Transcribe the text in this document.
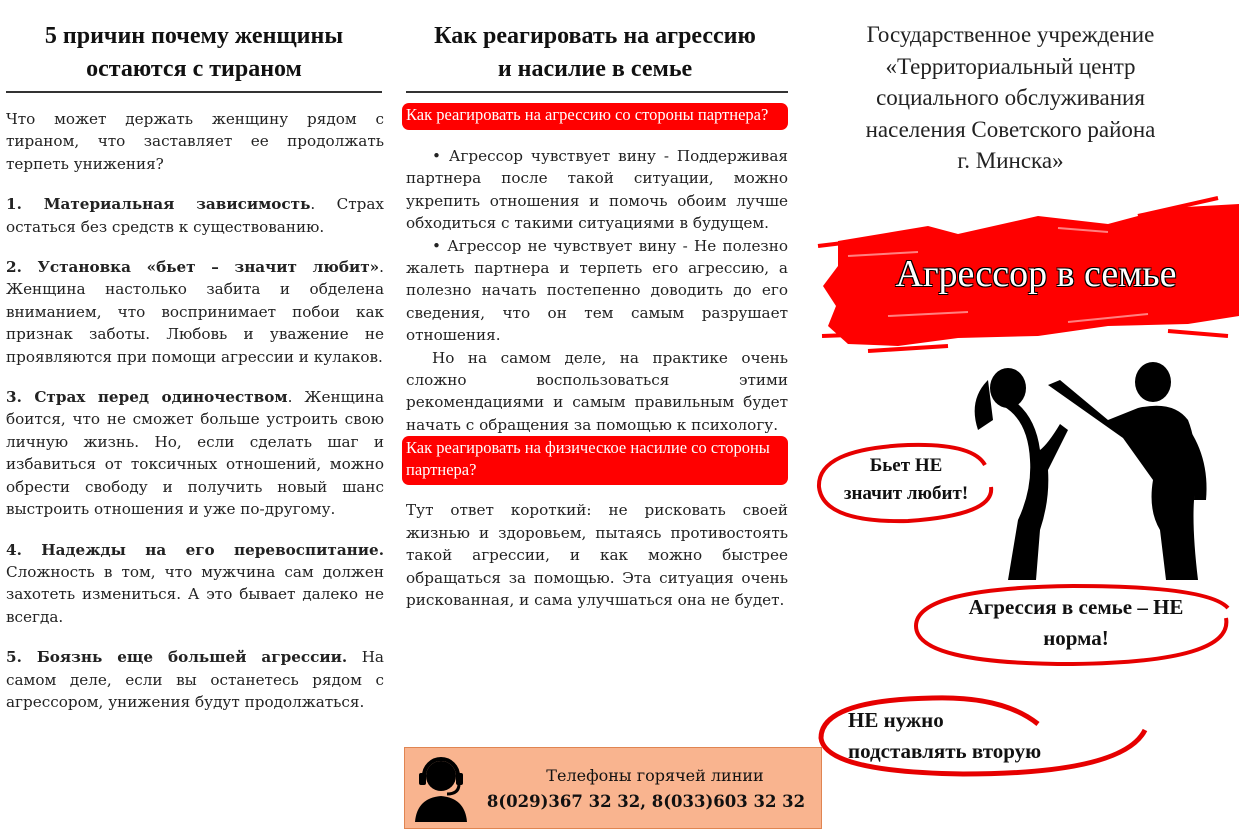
5 причин почему женщины
остаются с тираном

Что может держать женщину рядом с тираном, что заставляет ее продолжать терпеть унижения?

1. Материальная зависимость. Страх остаться без средств к существованию.

2. Установка «бьет – значит любит». Женщина настолько забита и обделена вниманием, что воспринимает побои как признак заботы. Любовь и уважение не проявляются при помощи агрессии и кулаков.

3. Страх перед одиночеством. Женщина боится, что не сможет больше устроить свою личную жизнь. Но, если сделать шаг и избавиться от токсичных отношений, можно обрести свободу и получить новый шанс выстроить отношения и уже по-другому.

4. Надежды на его перевоспитание. Сложность в том, что мужчина сам должен захотеть измениться. А это бывает далеко не всегда.

5. Боязнь еще большей агрессии. На самом деле, если вы останетесь рядом с агрессором, унижения будут продолжаться.

Как реагировать на агрессию
и насилие в семье
Как реагировать на агрессию со стороны партнера?

• Агрессор чувствует вину - Поддерживая партнера после такой ситуации, можно укрепить отношения и помочь обоим лучше обходиться с такими ситуациями в будущем.

• Агрессор не чувствует вину - Не полезно жалеть партнера и терпеть его агрессию, а полезно начать постепенно доводить до его сведения, что он тем самым разрушает отношения.

Но на самом деле, на практике очень сложно воспользоваться этими рекомендациями и самым правильным будет начать с обращения за помощью к психологу.

Как реагировать на физическое насилие со стороны партнера?

Тут ответ короткий: не рисковать своей жизнью и здоровьем, пытаясь противостоять такой агрессии, и как можно быстрее обращаться за помощью. Эта ситуация очень рискованная, и сама улучшаться она не будет.

Телефоны горячей линии
8(029)367 32 32, 8(033)603 32 32
Государственное учреждение
«Территориальный центр
социального обслуживания
населения Советского района
г. Минска»
Агрессор в семье
Бьет НЕ
значит любит!
Агрессия в семье – НЕ
норма!
НЕ нужно
подставлять вторую
